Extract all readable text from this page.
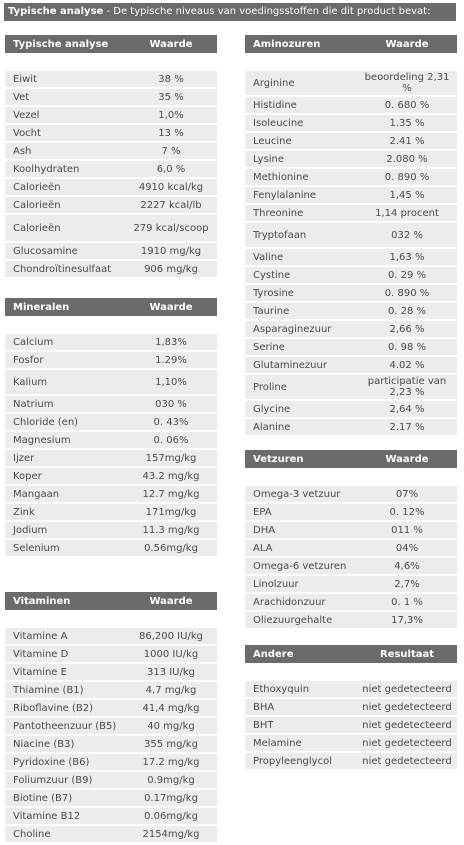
Typische analyse - De typische niveaus van voedingsstoffen die dit product bevat:
Typische analyse	Waarde

Eiwit	38 %
Vet	35 %
Vezel	1,0%
Vocht	13 %
Ash	7 %
Koolhydraten	6,0 %
Calorieën	4910 kcal/kg
Calorieën	2227 kcal/lb
Calorieën	279 kcal/scoop
Glucosamine	1910 mg/kg
Chondroïtinesulfaat	906 mg/kg
Mineralen	Waarde

Calcium	1,83%
Fosfor	1.29%
Kalium	1,10%
Natrium	030 %
Chloride (en)	0. 43%
Magnesium	0. 06%
Ijzer	157mg/kg
Koper	43.2 mg/kg
Mangaan	12.7 mg/kg
Zink	171mg/kg
Jodium	11.3 mg/kg
Selenium	0.56mg/kg
Vitaminen	Waarde

Vitamine A	86,200 IU/kg
Vitamine D	1000 IU/kg
Vitamine E	313 IU/kg
Thiamine (B1)	4,7 mg/kg
Riboflavine (B2)	41,4 mg/kg
Pantotheenzuur (B5)	40 mg/kg
Niacine (B3)	355 mg/kg
Pyridoxine (B6)	17.2 mg/kg
Foliumzuur (B9)	0.9mg/kg
Biotine (B7)	0.17mg/kg
Vitamine B12	0.06mg/kg
Choline	2154mg/kg
Aminozuren	Waarde

Arginine	beoordeling 2,31 %
Histidine	0. 680 %
Isoleucine	1.35 %
Leucine	2.41 %
Lysine	2.080 %
Methionine	0. 890 %
Fenylalanine	1,45 %
Threonine	1,14 procent
Tryptofaan	032 %
Valine	1,63 %
Cystine	0. 29 %
Tyrosine	0. 890 %
Taurine	0. 28 %
Asparaginezuur	2,66 %
Serine	0. 98 %
Glutaminezuur	4.02 %
Proline	participatie van 2,23 %
Glycine	2,64 %
Alanine	2.17 %
Vetzuren	Waarde

Omega-3 vetzuur	07%
EPA	0. 12%
DHA	011 %
ALA	04%
Omega-6 vetzuren	4,6%
Linolzuur	2,7%
Arachidonzuur	0. 1 %
Oliezuurgehalte	17,3%
Andere	Resultaat

Ethoxyquin	niet gedetecteerd
BHA	niet gedetecteerd
BHT	niet gedetecteerd
Melamine	niet gedetecteerd
Propyleenglycol	niet gedetecteerd
